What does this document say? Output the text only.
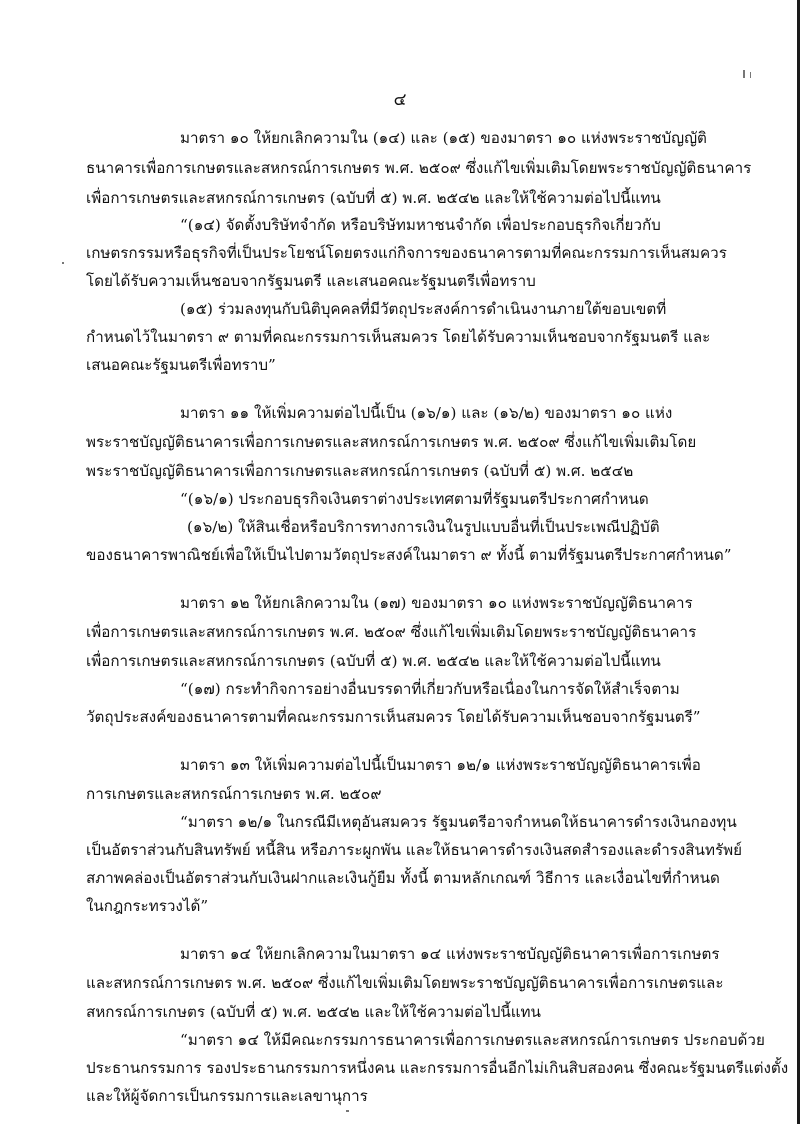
๔
มาตรา ๑๐ ให้ยกเลิกความใน (๑๔) และ (๑๕) ของมาตรา ๑๐ แห่งพระราชบัญญัติ
ธนาคารเพื่อการเกษตรและสหกรณ์การเกษตร พ.ศ. ๒๕๐๙ ซึ่งแก้ไขเพิ่มเติมโดยพระราชบัญญัติธนาคาร
เพื่อการเกษตรและสหกรณ์การเกษตร (ฉบับที่ ๕) พ.ศ. ๒๕๔๒ และให้ใช้ความต่อไปนี้แทน
“(๑๔) จัดตั้งบริษัทจำกัด หรือบริษัทมหาชนจำกัด เพื่อประกอบธุรกิจเกี่ยวกับ
เกษตรกรรมหรือธุรกิจที่เป็นประโยชน์โดยตรงแก่กิจการของธนาคารตามที่คณะกรรมการเห็นสมควร
โดยได้รับความเห็นชอบจากรัฐมนตรี และเสนอคณะรัฐมนตรีเพื่อทราบ
(๑๕) ร่วมลงทุนกับนิติบุคคลที่มีวัตถุประสงค์การดำเนินงานภายใต้ขอบเขตที่
กำหนดไว้ในมาตรา ๙ ตามที่คณะกรรมการเห็นสมควร โดยได้รับความเห็นชอบจากรัฐมนตรี และ
เสนอคณะรัฐมนตรีเพื่อทราบ”
มาตรา ๑๑ ให้เพิ่มความต่อไปนี้เป็น (๑๖/๑) และ (๑๖/๒) ของมาตรา ๑๐ แห่ง
พระราชบัญญัติธนาคารเพื่อการเกษตรและสหกรณ์การเกษตร พ.ศ. ๒๕๐๙ ซึ่งแก้ไขเพิ่มเติมโดย
พระราชบัญญัติธนาคารเพื่อการเกษตรและสหกรณ์การเกษตร (ฉบับที่ ๕) พ.ศ. ๒๕๔๒
“(๑๖/๑) ประกอบธุรกิจเงินตราต่างประเทศตามที่รัฐมนตรีประกาศกำหนด
(๑๖/๒) ให้สินเชื่อหรือบริการทางการเงินในรูปแบบอื่นที่เป็นประเพณีปฏิบัติ
ของธนาคารพาณิชย์เพื่อให้เป็นไปตามวัตถุประสงค์ในมาตรา ๙ ทั้งนี้ ตามที่รัฐมนตรีประกาศกำหนด”
มาตรา ๑๒ ให้ยกเลิกความใน (๑๗) ของมาตรา ๑๐ แห่งพระราชบัญญัติธนาคาร
เพื่อการเกษตรและสหกรณ์การเกษตร พ.ศ. ๒๕๐๙ ซึ่งแก้ไขเพิ่มเติมโดยพระราชบัญญัติธนาคาร
เพื่อการเกษตรและสหกรณ์การเกษตร (ฉบับที่ ๕) พ.ศ. ๒๕๔๒ และให้ใช้ความต่อไปนี้แทน
“(๑๗) กระทำกิจการอย่างอื่นบรรดาที่เกี่ยวกับหรือเนื่องในการจัดให้สำเร็จตาม
วัตถุประสงค์ของธนาคารตามที่คณะกรรมการเห็นสมควร โดยได้รับความเห็นชอบจากรัฐมนตรี”
มาตรา ๑๓ ให้เพิ่มความต่อไปนี้เป็นมาตรา ๑๒/๑ แห่งพระราชบัญญัติธนาคารเพื่อ
การเกษตรและสหกรณ์การเกษตร พ.ศ. ๒๕๐๙
“มาตรา ๑๒/๑ ในกรณีมีเหตุอันสมควร รัฐมนตรีอาจกำหนดให้ธนาคารดำรงเงินกองทุน
เป็นอัตราส่วนกับสินทรัพย์ หนี้สิน หรือภาระผูกพัน และให้ธนาคารดำรงเงินสดสำรองและดำรงสินทรัพย์
สภาพคล่องเป็นอัตราส่วนกับเงินฝากและเงินกู้ยืม ทั้งนี้ ตามหลักเกณฑ์ วิธีการ และเงื่อนไขที่กำหนด
ในกฎกระทรวงได้”
มาตรา ๑๔ ให้ยกเลิกความในมาตรา ๑๔ แห่งพระราชบัญญัติธนาคารเพื่อการเกษตร
และสหกรณ์การเกษตร พ.ศ. ๒๕๐๙ ซึ่งแก้ไขเพิ่มเติมโดยพระราชบัญญัติธนาคารเพื่อการเกษตรและ
สหกรณ์การเกษตร (ฉบับที่ ๕) พ.ศ. ๒๕๔๒ และให้ใช้ความต่อไปนี้แทน
“มาตรา ๑๔ ให้มีคณะกรรมการธนาคารเพื่อการเกษตรและสหกรณ์การเกษตร ประกอบด้วย
ประธานกรรมการ รองประธานกรรมการหนึ่งคน และกรรมการอื่นอีกไม่เกินสิบสองคน ซึ่งคณะรัฐมนตรีแต่งตั้ง
และให้ผู้จัดการเป็นกรรมการและเลขานุการ
